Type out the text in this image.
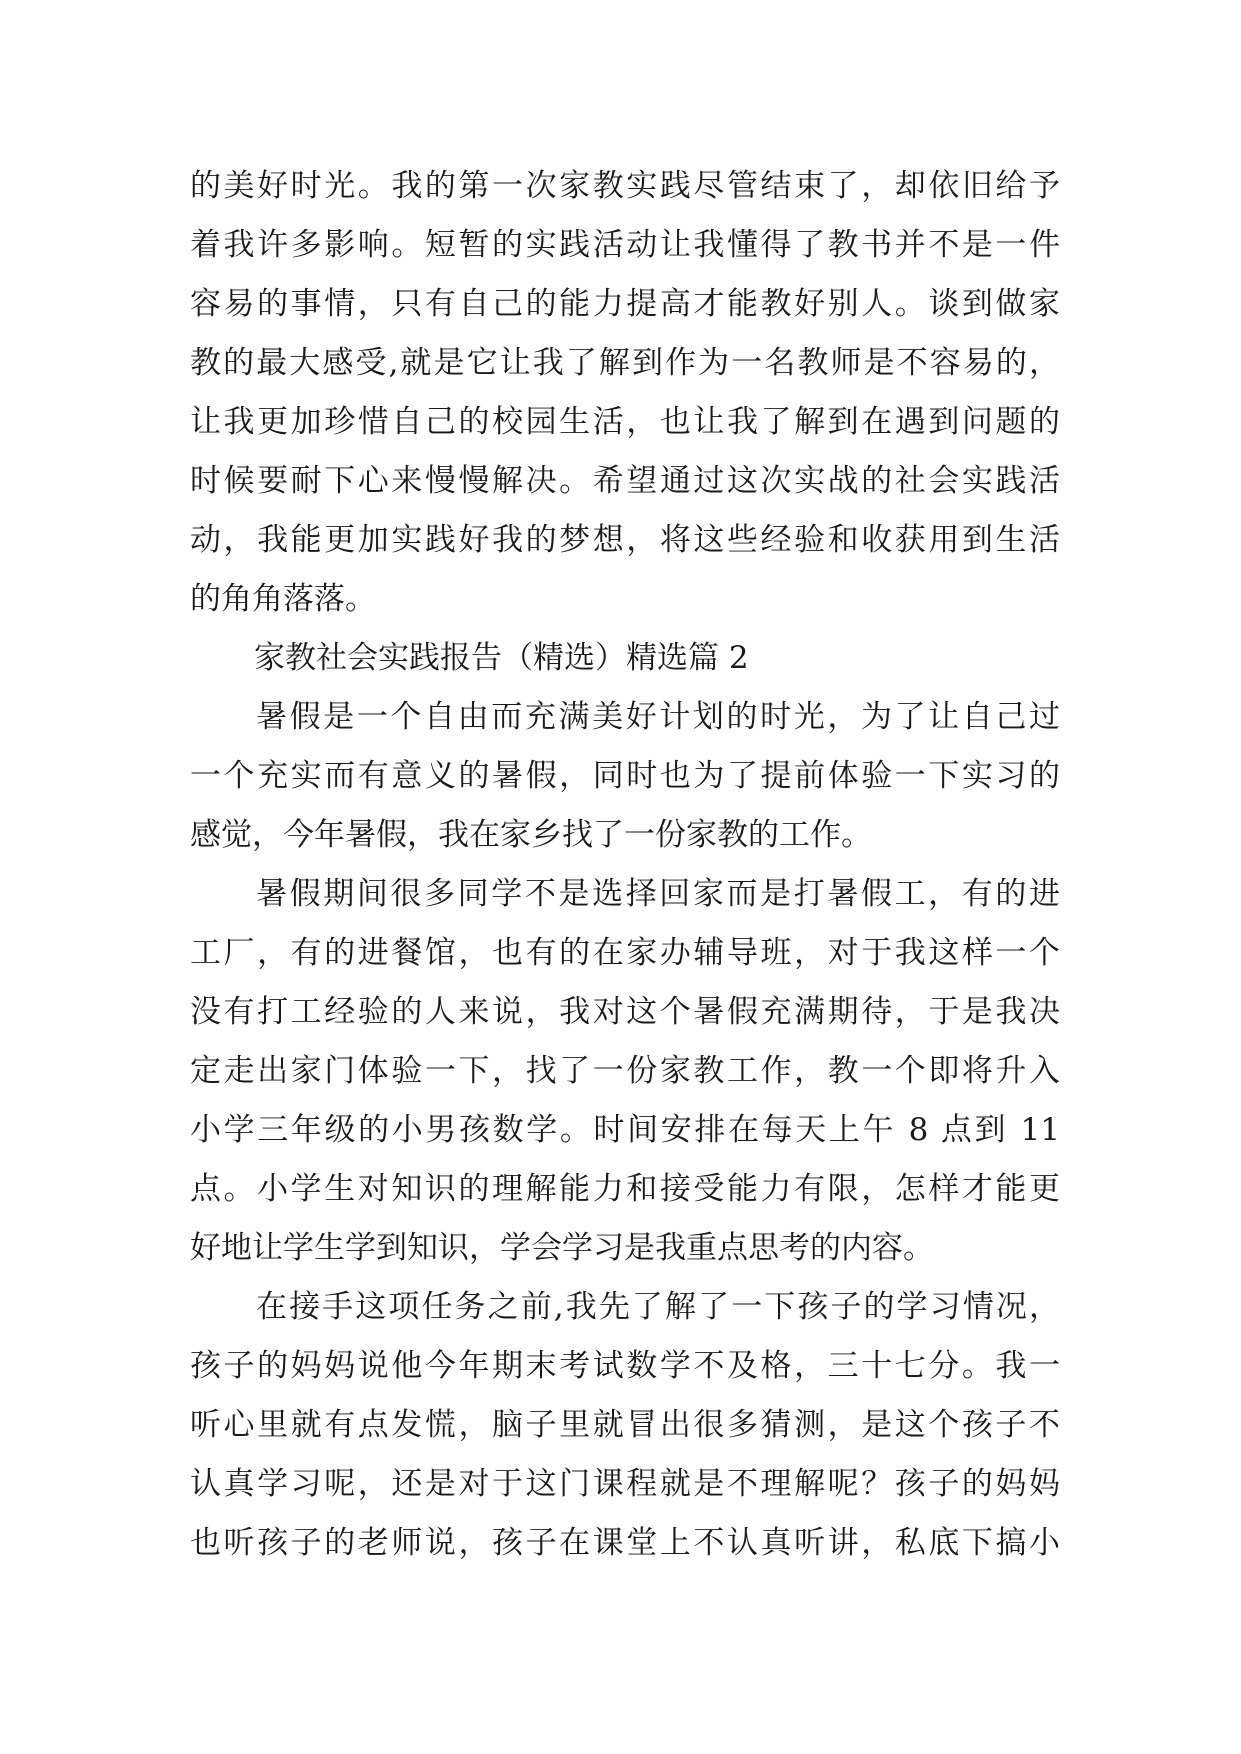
的美好时光。我的第一次家教实践尽管结束了，却依旧给予
着我许多影响。短暂的实践活动让我懂得了教书并不是一件
容易的事情，只有自己的能力提高才能教好别人。谈到做家
教的最大感受,就是它让我了解到作为一名教师是不容易的，
让我更加珍惜自己的校园生活，也让我了解到在遇到问题的
时候要耐下心来慢慢解决。希望通过这次实战的社会实践活
动，我能更加实践好我的梦想，将这些经验和收获用到生活
的角角落落。
家教社会实践报告（精选）精选篇 2
暑假是一个自由而充满美好计划的时光，为了让自己过
一个充实而有意义的暑假，同时也为了提前体验一下实习的
感觉，今年暑假，我在家乡找了一份家教的工作。
暑假期间很多同学不是选择回家而是打暑假工，有的进
工厂，有的进餐馆，也有的在家办辅导班，对于我这样一个
没有打工经验的人来说，我对这个暑假充满期待，于是我决
定走出家门体验一下，找了一份家教工作，教一个即将升入
小学三年级的小男孩数学。时间安排在每天上午 8 点到 11
点。小学生对知识的理解能力和接受能力有限，怎样才能更
好地让学生学到知识，学会学习是我重点思考的内容。
在接手这项任务之前,我先了解了一下孩子的学习情况，
孩子的妈妈说他今年期末考试数学不及格，三十七分。我一
听心里就有点发慌，脑子里就冒出很多猜测，是这个孩子不
认真学习呢，还是对于这门课程就是不理解呢？孩子的妈妈
也听孩子的老师说，孩子在课堂上不认真听讲，私底下搞小
